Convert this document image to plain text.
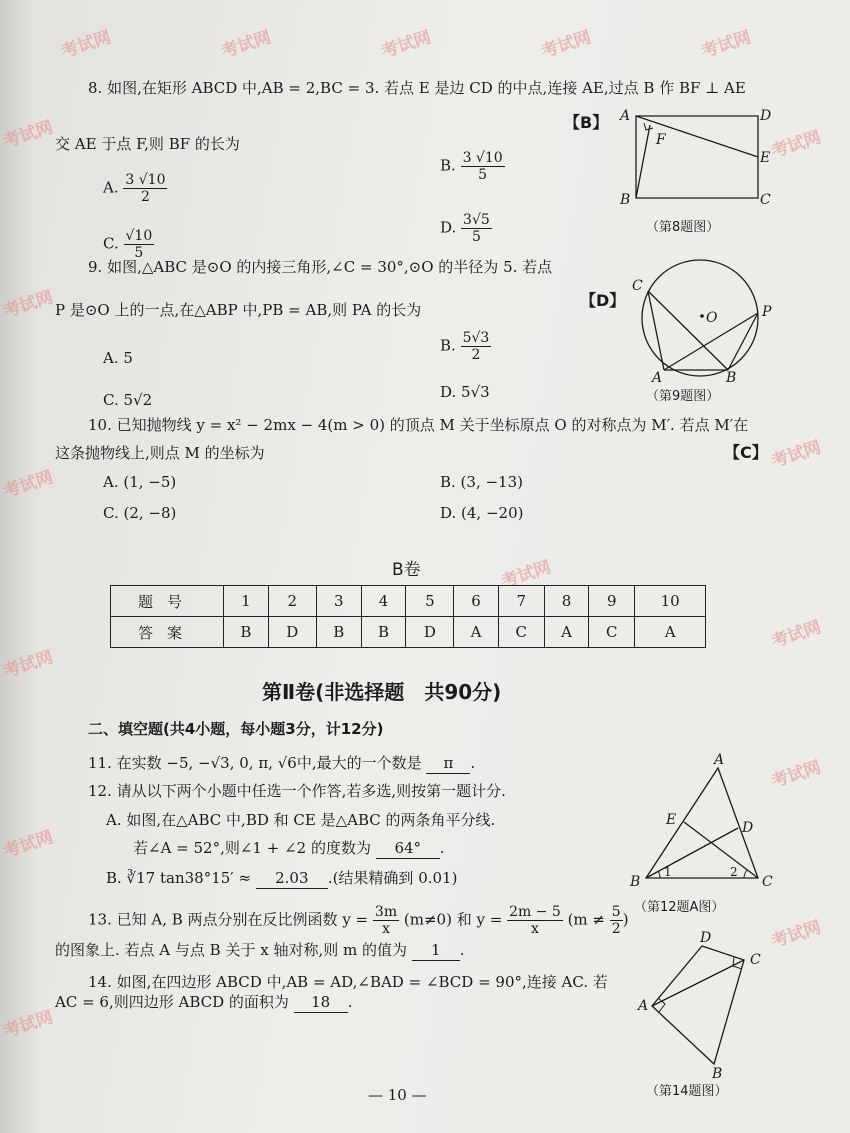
考试网	考试网	考试网	考试网	考试网
考试网	考试网
考试网
考试网
考试网
考试网
考试网
考试网
考试网
考试网
考试网
考试网
8. 如图,在矩形 ABCD 中,AB = 2,BC = 3. 若点 E 是边 CD 的中点,连接 AE,过点 B 作 BF ⊥ AE
交 AE 于点 F,则 BF 的长为
【B】
A. $\frac{3 √10}{2}$
B. $\frac{3 √10}{5}$
C. $\frac{√10}{5}$
D. $\frac{3√5}{5}$
A	D
E
F
B	C
（第8题图）
9. 如图,△ABC 是⊙O 的内接三角形,∠C = 30°,⊙O 的半径为 5. 若点
P 是⊙O 上的一点,在△ABP 中,PB = AB,则 PA 的长为	【D】
A. 5
B. $\frac{5√3}{2}$
C. 5√2	D. 5√3
C
O	P
A	B
（第9题图）
10. 已知抛物线 y = x² − 2mx − 4(m > 0) 的顶点 M 关于坐标原点 O 的对称点为 M′. 若点 M′在
这条抛物线上,则点 M 的坐标为	【C】
A. (1, −5)	B. (3, −13)
C. (2, −8)	D. (4, −20)
B卷
题号	1	2	3	4	5	6	7	8	9	10
答案	B	D	B	B	D	A	C	A	C	A
第Ⅱ卷(非选择题　共90分)
二、填空题(共4小题，每小题3分，计12分)
11. 在实数 −5, −√3, 0, π, √6中,最大的一个数是 π .
12. 请从以下两个小题中任选一个作答,若多选,则按第一题计分.
A. 如图,在△ABC 中,BD 和 CE 是△ABC 的两条角平分线.
若∠A = 52°,则∠1 + ∠2 的度数为 64° .
B. ∛17 tan38°15′ ≈ 2.03 .(结果精确到 0.01)
A
E	D
B	C
1	2
（第12题A图）
13. 已知 A, B 两点分别在反比例函数 $y = \frac{3m}{x} (m\ne 0)$ 和 $y = \frac{2m - 5}{x} (m \ne \frac{5}{2}$ )
的图象上. 若点 A 与点 B 关于 x 轴对称,则 m 的值为 1 .
14. 如图,在四边形 ABCD 中,AB = AD,∠BAD = ∠BCD = 90°,连接 AC. 若
AC = 6,则四边形 ABCD 的面积为 18 .
D
C
A
B
（第14题图）
— 10 —
